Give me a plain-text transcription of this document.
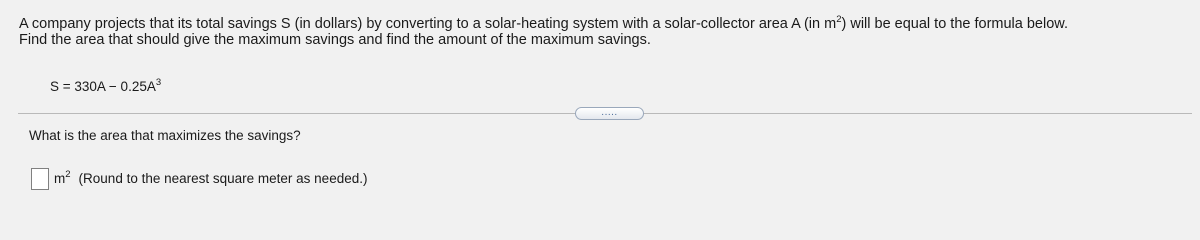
A company projects that its total savings S (in dollars) by converting to a solar-heating system with a solar-collector area A (in $m^2$) will be equal to the formula below.
Find the area that should give the maximum savings and find the amount of the maximum savings.
$S = 330A - 0.25A^3$
.....
What is the area that maximizes the savings?
$m^2$ (Round to the nearest square meter as needed.)
